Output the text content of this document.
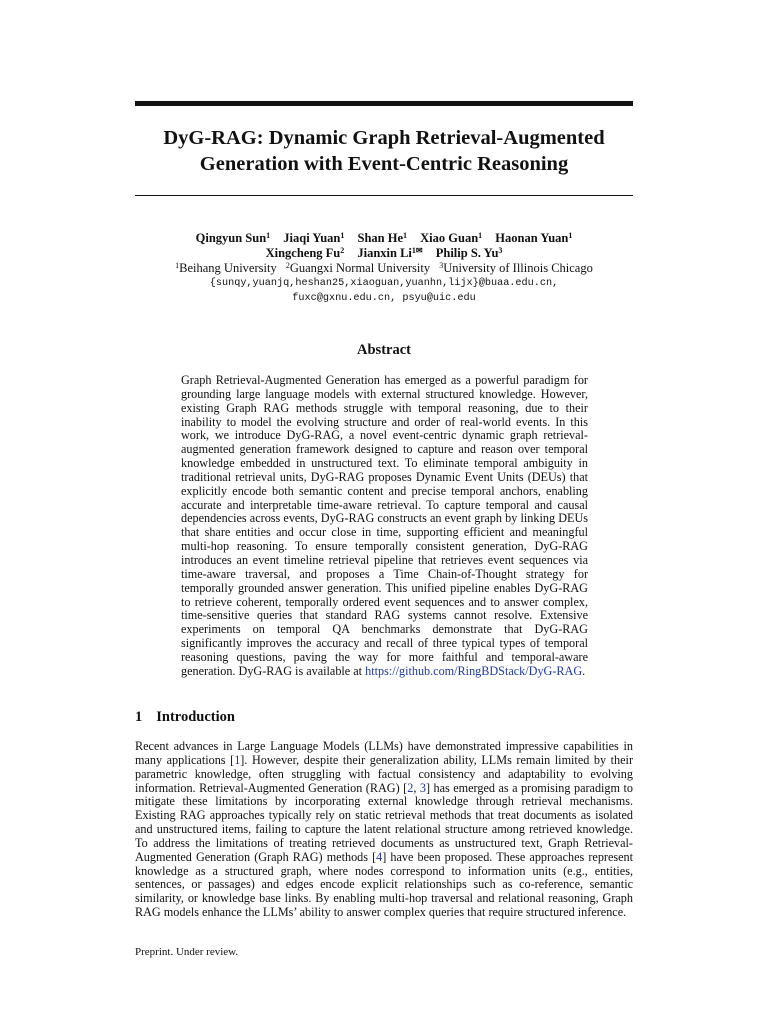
DyG-RAG: Dynamic Graph Retrieval-Augmented
Generation with Event-Centric Reasoning
Qingyun Sun$^1$ Jiaqi Yuan$^1$ Shan He$^1$ Xiao Guan$^1$ Haonan Yuan$^1$
Xingcheng Fu$^2$ Jianxin $Li^{1✉}$ Philip S. Yu$^3$
$^1$Beihang University $^2$Guangxi Normal University $^3$University of Illinois Chicago
{sunqy,yuanjq,heshan25,xiaoguan,yuanhn,lijx}@buaa.edu.cn,
fuxc@gxnu.edu.cn, psyu@uic.edu
Abstract
Graph Retrieval-Augmented Generation has emerged as a powerful paradigm for grounding large language models with external structured knowledge. However, existing Graph RAG methods struggle with temporal reasoning, due to their inability to model the evolving structure and order of real-world events. In this work, we introduce DyG-RAG, a novel event-centric dynamic graph retrieval-augmented generation framework designed to capture and reason over temporal knowledge embedded in unstructured text. To eliminate temporal ambiguity in traditional retrieval units, DyG-RAG proposes Dynamic Event Units (DEUs) that explicitly encode both semantic content and precise temporal anchors, enabling accurate and interpretable time-aware retrieval. To capture temporal and causal dependencies across events, DyG-RAG constructs an event graph by linking DEUs that share entities and occur close in time, supporting efficient and meaningful multi-hop reasoning. To ensure temporally consistent generation, DyG-RAG introduces an event timeline retrieval pipeline that retrieves event sequences via time-aware traversal, and proposes a Time Chain-of-Thought strategy for temporally grounded answer generation. This unified pipeline enables DyG-RAG to retrieve coherent, temporally ordered event sequences and to answer complex, time-sensitive queries that standard RAG systems cannot resolve. Extensive experiments on temporal QA benchmarks demonstrate that DyG-RAG significantly improves the accuracy and recall of three typical types of temporal reasoning questions, paving the way for more faithful and temporal-aware generation. DyG-RAG is available at https://github.com/RingBDStack/DyG-RAG.
1 Introduction
Recent advances in Large Language Models (LLMs) have demonstrated impressive capabilities in many applications [1]. However, despite their generalization ability, LLMs remain limited by their parametric knowledge, often struggling with factual consistency and adaptability to evolving information. Retrieval-Augmented Generation (RAG) [2, 3] has emerged as a promising paradigm to mitigate these limitations by incorporating external knowledge through retrieval mechanisms. Existing RAG approaches typically rely on static retrieval methods that treat documents as isolated and unstructured items, failing to capture the latent relational structure among retrieved knowledge. To address the limitations of treating retrieved documents as unstructured text, Graph Retrieval-Augmented Generation (Graph RAG) methods [4] have been proposed. These approaches represent knowledge as a structured graph, where nodes correspond to information units (e.g., entities, sentences, or passages) and edges encode explicit relationships such as co-reference, semantic similarity, or knowledge base links. By enabling multi-hop traversal and relational reasoning, Graph RAG models enhance the LLMs’ ability to answer complex queries that require structured inference.
Preprint. Under review.
